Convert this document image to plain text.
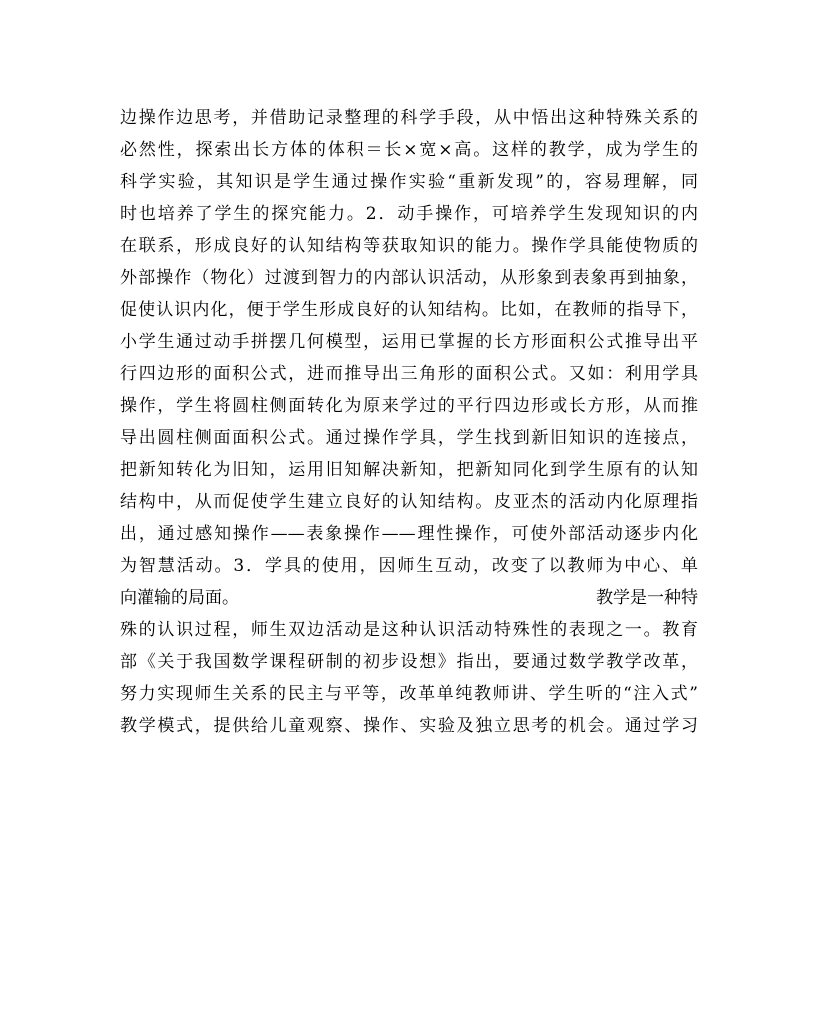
边操作边思考，并借助记录整理的科学手段，从中悟出这种特殊关系的
必然性，探索出长方体的体积＝长×宽×高。这样的教学，成为学生的
科学实验，其知识是学生通过操作实验“重新发现”的，容易理解，同
时也培养了学生的探究能力。2．动手操作，可培养学生发现知识的内
在联系，形成良好的认知结构等获取知识的能力。操作学具能使物质的
外部操作（物化）过渡到智力的内部认识活动，从形象到表象再到抽象，
促使认识内化，便于学生形成良好的认知结构。比如，在教师的指导下，
小学生通过动手拼摆几何模型，运用已掌握的长方形面积公式推导出平
行四边形的面积公式，进而推导出三角形的面积公式。又如：利用学具
操作，学生将圆柱侧面转化为原来学过的平行四边形或长方形，从而推
导出圆柱侧面面积公式。通过操作学具，学生找到新旧知识的连接点，
把新知转化为旧知，运用旧知解决新知，把新知同化到学生原有的认知
结构中，从而促使学生建立良好的认知结构。皮亚杰的活动内化原理指
出，通过感知操作——表象操作——理性操作，可使外部活动逐步内化
为智慧活动。3．学具的使用，因师生互动，改变了以教师为中心、单
向灌输的局面。	教学是一种特
殊的认识过程，师生双边活动是这种认识活动特殊性的表现之一。教育
部《关于我国数学课程研制的初步设想》指出，要通过数学教学改革，
努力实现师生关系的民主与平等，改革单纯教师讲、学生听的“注入式”
教学模式，提供给儿童观察、操作、实验及独立思考的机会。通过学习
